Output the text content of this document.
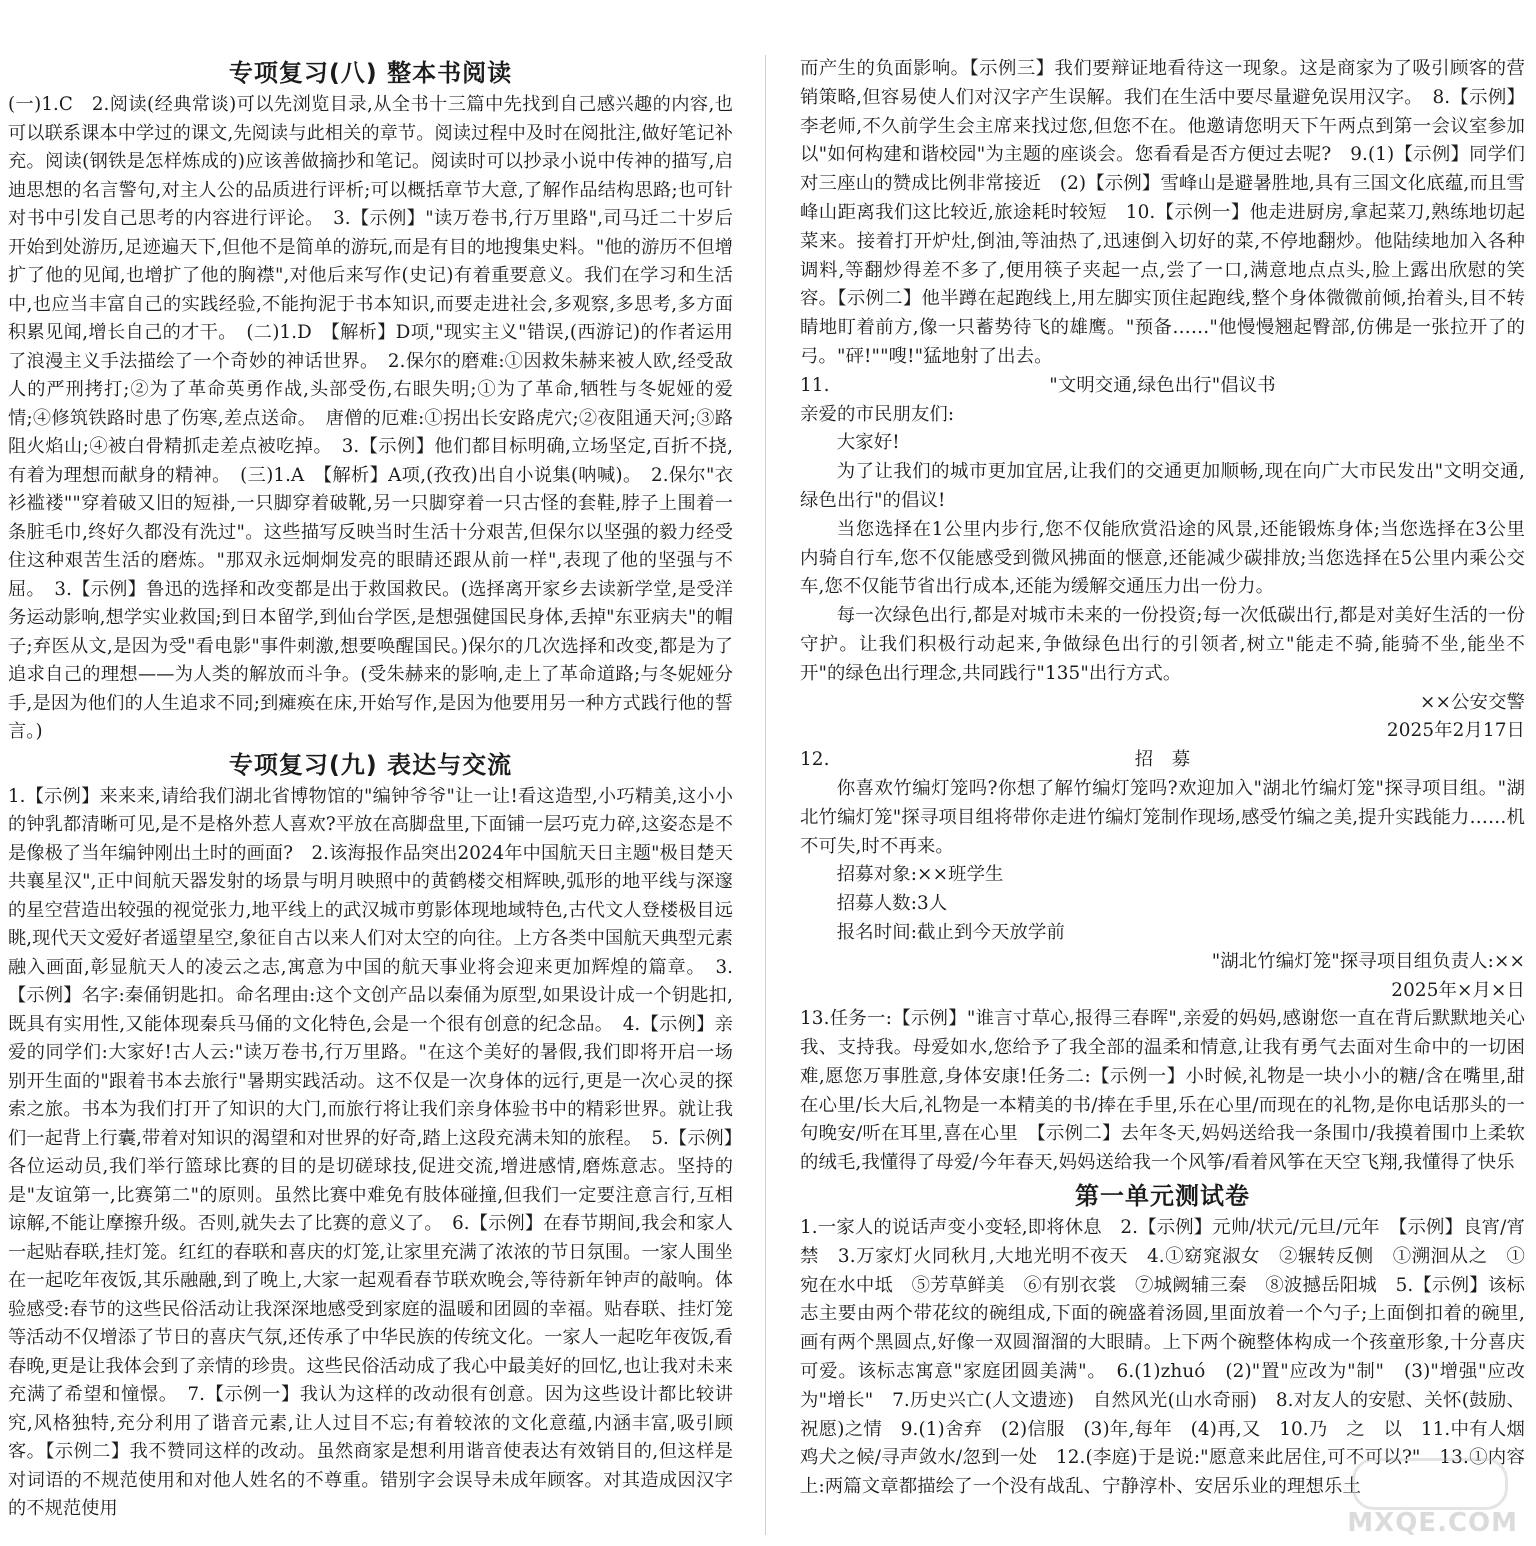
专项复习(八) 整本书阅读

(一)1.C　2.阅读(经典常谈)可以先浏览目录,从全书十三篇中先找到自己感兴趣的内容,也可以联系课本中学过的课文,先阅读与此相关的章节。阅读过程中及时在阅批注,做好笔记补充。阅读(钢铁是怎样炼成的)应该善做摘抄和笔记。阅读时可以抄录小说中传神的描写,启迪思想的名言警句,对主人公的品质进行评析;可以概括章节大意,了解作品结构思路;也可针对书中引发自己思考的内容进行评论。　3.【示例】"读万卷书,行万里路",司马迁二十岁后开始到处游历,足迹遍天下,但他不是简单的游玩,而是有目的地搜集史料。"他的游历不但增扩了他的见闻,也增扩了他的胸襟",对他后来写作(史记)有着重要意义。我们在学习和生活中,也应当丰富自己的实践经验,不能拘泥于书本知识,而要走进社会,多观察,多思考,多方面积累见闻,增长自己的才干。　(二)1.D　【解析】D项,"现实主义"错误,(西游记)的作者运用了浪漫主义手法描绘了一个奇妙的神话世界。　2.保尔的磨难:①因救朱赫来被人欧,经受敌人的严刑拷打;②为了革命英勇作战,头部受伤,右眼失明;①为了革命,牺牲与冬妮娅的爱情;④修筑铁路时患了伤寒,差点送命。　唐僧的厄难:①拐出长安路虎穴;②夜阻通天河;③路阻火焰山;④被白骨精抓走差点被吃掉。　3.【示例】他们都目标明确,立场坚定,百折不挠,有着为理想而献身的精神。　(三)1.A　【解析】A项,(孜孜)出自小说集(呐喊)。　2.保尔"衣衫褴褛""穿着破又旧的短褂,一只脚穿着破靴,另一只脚穿着一只古怪的套鞋,脖子上围着一条脏毛巾,终好久都没有洗过"。这些描写反映当时生活十分艰苦,但保尔以坚强的毅力经受住这种艰苦生活的磨炼。"那双永远炯炯发亮的眼睛还跟从前一样",表现了他的坚强与不屈。　3.【示例】鲁迅的选择和改变都是出于救国救民。(选择离开家乡去读新学堂,是受洋务运动影响,想学实业救国;到日本留学,到仙台学医,是想强健国民身体,丢掉"东亚病夫"的帽子;弃医从文,是因为受"看电影"事件刺激,想要唤醒国民。)保尔的几次选择和改变,都是为了追求自己的理想——为人类的解放而斗争。(受朱赫来的影响,走上了革命道路;与冬妮娅分手,是因为他们的人生追求不同;到瘫痪在床,开始写作,是因为他要用另一种方式践行他的誓言。)

专项复习(九) 表达与交流

1.【示例】来来来,请给我们湖北省博物馆的"编钟爷爷"让一让!看这造型,小巧精美,这小小的钟乳都清晰可见,是不是格外惹人喜欢?平放在高脚盘里,下面铺一层巧克力碎,这姿态是不是像极了当年编钟刚出土时的画面?　2.该海报作品突出2024年中国航天日主题"极目楚天　共襄星汉",正中间航天器发射的场景与明月映照中的黄鹤楼交相辉映,弧形的地平线与深邃的星空营造出较强的视觉张力,地平线上的武汉城市剪影体现地域特色,古代文人登楼极目远眺,现代天文爱好者遥望星空,象征自古以来人们对太空的向往。上方各类中国航天典型元素融入画面,彰显航天人的凌云之志,寓意为中国的航天事业将会迎来更加辉煌的篇章。　3.【示例】名字:秦俑钥匙扣。命名理由:这个文创产品以秦俑为原型,如果设计成一个钥匙扣,既具有实用性,又能体现秦兵马俑的文化特色,会是一个很有创意的纪念品。　4.【示例】亲爱的同学们:大家好!古人云:"读万卷书,行万里路。"在这个美好的暑假,我们即将开启一场别开生面的"跟着书本去旅行"暑期实践活动。这不仅是一次身体的远行,更是一次心灵的探索之旅。书本为我们打开了知识的大门,而旅行将让我们亲身体验书中的精彩世界。就让我们一起背上行囊,带着对知识的渴望和对世界的好奇,踏上这段充满未知的旅程。　5.【示例】各位运动员,我们举行篮球比赛的目的是切磋球技,促进交流,增进感情,磨炼意志。坚持的是"友谊第一,比赛第二"的原则。虽然比赛中难免有肢体碰撞,但我们一定要注意言行,互相谅解,不能让摩擦升级。否则,就失去了比赛的意义了。　6.【示例】在春节期间,我会和家人一起贴春联,挂灯笼。红红的春联和喜庆的灯笼,让家里充满了浓浓的节日氛围。一家人围坐在一起吃年夜饭,其乐融融,到了晚上,大家一起观看春节联欢晚会,等待新年钟声的敲响。体验感受:春节的这些民俗活动让我深深地感受到家庭的温暖和团圆的幸福。贴春联、挂灯笼等活动不仅增添了节日的喜庆气氛,还传承了中华民族的传统文化。一家人一起吃年夜饭,看春晚,更是让我体会到了亲情的珍贵。这些民俗活动成了我心中最美好的回忆,也让我对未来充满了希望和憧憬。　7.【示例一】我认为这样的改动很有创意。因为这些设计都比较讲究,风格独特,充分利用了谐音元素,让人过目不忘;有着较浓的文化意蕴,内涵丰富,吸引顾客。【示例二】我不赞同这样的改动。虽然商家是想利用谐音使表达有效销目的,但这样是对词语的不规范使用和对他人姓名的不尊重。错别字会误导未成年顾客。对其造成因汉字的不规范使用

而产生的负面影响。【示例三】我们要辩证地看待这一现象。这是商家为了吸引顾客的营销策略,但容易使人们对汉字产生误解。我们在生活中要尽量避免误用汉字。　8.【示例】李老师,不久前学生会主席来找过您,但您不在。他邀请您明天下午两点到第一会议室参加以"如何构建和谐校园"为主题的座谈会。您看看是否方便过去呢?　9.(1)【示例】同学们对三座山的赞成比例非常接近　(2)【示例】雪峰山是避暑胜地,具有三国文化底蕴,而且雪峰山距离我们这比较近,旅途耗时较短　10.【示例一】他走进厨房,拿起菜刀,熟练地切起菜来。接着打开炉灶,倒油,等油热了,迅速倒入切好的菜,不停地翻炒。他陆续地加入各种调料,等翻炒得差不多了,便用筷子夹起一点,尝了一口,满意地点点头,脸上露出欣慰的笑容。【示例二】他半蹲在起跑线上,用左脚实顶住起跑线,整个身体微微前倾,抬着头,目不转睛地盯着前方,像一只蓄势待飞的雄鹰。"预备……"他慢慢翘起臀部,仿佛是一张拉开了的弓。"砰!""嗖!"猛地射了出去。

11.	"文明交通,绿色出行"倡议书

亲爱的市民朋友们:

大家好!

为了让我们的城市更加宜居,让我们的交通更加顺畅,现在向广大市民发出"文明交通,绿色出行"的倡议!

当您选择在1公里内步行,您不仅能欣赏沿途的风景,还能锻炼身体;当您选择在3公里内骑自行车,您不仅能感受到微风拂面的惬意,还能减少碳排放;当您选择在5公里内乘公交车,您不仅能节省出行成本,还能为缓解交通压力出一份力。

每一次绿色出行,都是对城市未来的一份投资;每一次低碳出行,都是对美好生活的一份守护。让我们积极行动起来,争做绿色出行的引领者,树立"能走不骑,能骑不坐,能坐不开"的绿色出行理念,共同践行"135"出行方式。

××公安交警

2025年2月17日

12.	招　募

你喜欢竹编灯笼吗?你想了解竹编灯笼吗?欢迎加入"湖北竹编灯笼"探寻项目组。"湖北竹编灯笼"探寻项目组将带你走进竹编灯笼制作现场,感受竹编之美,提升实践能力……机不可失,时不再来。

招募对象:××班学生

招募人数:3人

报名时间:截止到今天放学前

"湖北竹编灯笼"探寻项目组负责人:××

2025年×月×日

13.任务一:【示例】"谁言寸草心,报得三春晖",亲爱的妈妈,感谢您一直在背后默默地关心我、支持我。母爱如水,您给予了我全部的温柔和情意,让我有勇气去面对生命中的一切困难,愿您万事胜意,身体安康!任务二:【示例一】小时候,礼物是一块小小的糖/含在嘴里,甜在心里/长大后,礼物是一本精美的书/捧在手里,乐在心里/而现在的礼物,是你电话那头的一句晚安/听在耳里,喜在心里　【示例二】去年冬天,妈妈送给我一条围巾/我摸着围巾上柔软的绒毛,我懂得了母爱/今年春天,妈妈送给我一个风筝/看着风筝在天空飞翔,我懂得了快乐

第一单元测试卷

1.一家人的说话声变小变轻,即将休息　2.【示例】元帅/状元/元旦/元年　【示例】良宵/宵禁　3.万家灯火同秋月,大地光明不夜天　4.①窈窕淑女　②辗转反侧　①溯洄从之　①宛在水中坻　⑤芳草鲜美　⑥有别衣裳　⑦城阙辅三秦　⑧波撼岳阳城　5.【示例】该标志主要由两个带花纹的碗组成,下面的碗盛着汤圆,里面放着一个勺子;上面倒扣着的碗里,画有两个黑圆点,好像一双圆溜溜的大眼睛。上下两个碗整体构成一个孩童形象,十分喜庆可爱。该标志寓意"家庭团圆美满"。　6.(1)zhuó　(2)"置"应改为"制"　(3)"增强"应改为"增长"　7.历史兴亡(人文遗迹)　自然风光(山水奇丽)　8.对友人的安慰、关怀(鼓励、祝愿)之情　9.(1)舍弃　(2)信服　(3)年,每年　(4)再,又　10.乃　之　以　11.中有人烟鸡犬之候/寻声敛水/忽到一处　12.(李庭)于是说:"愿意来此居住,可不可以?"　13.①内容上:两篇文章都描绘了一个没有战乱、宁静淳朴、安居乐业的理想乐土

MXQE.COM
